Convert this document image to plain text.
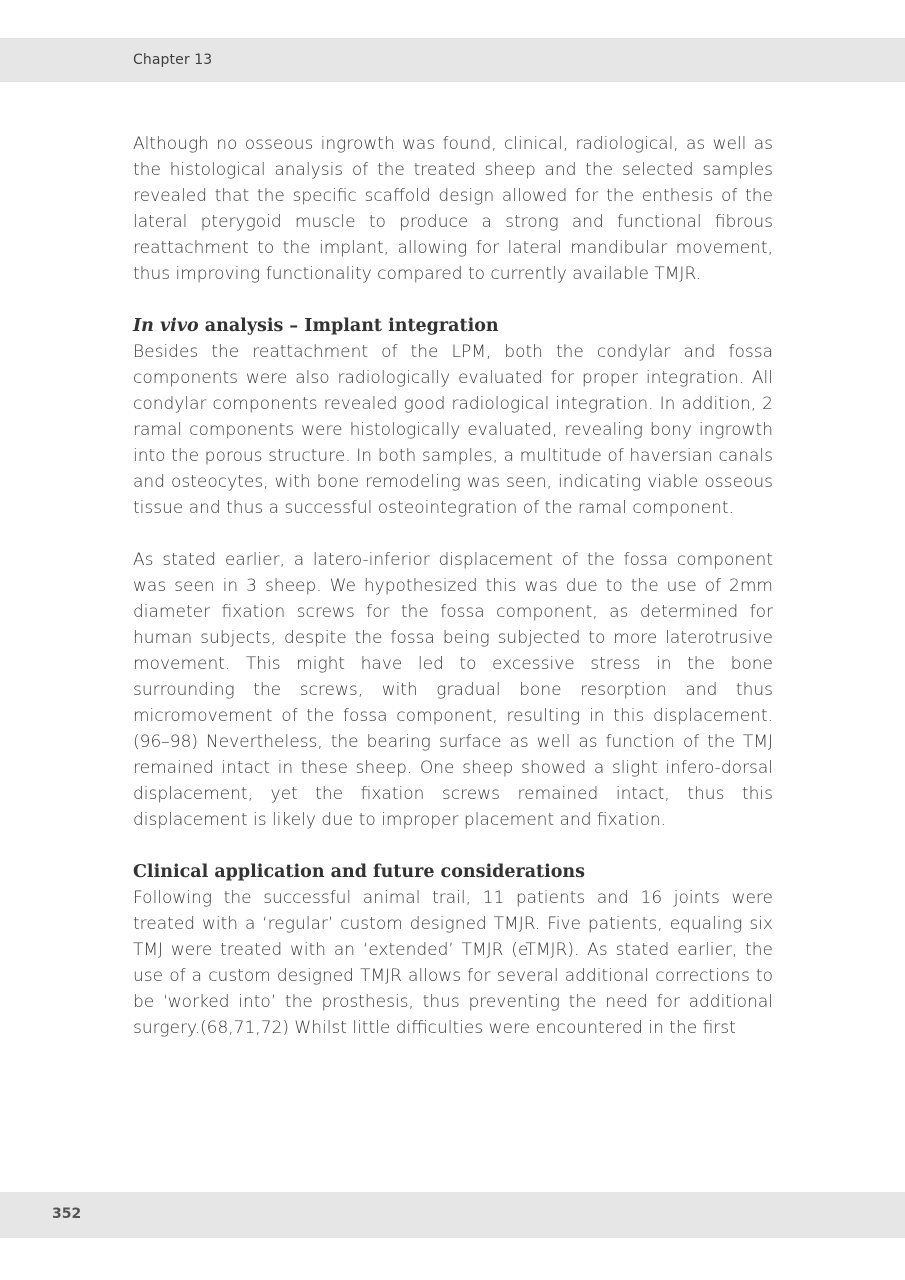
Chapter 13

Although no osseous ingrowth was found, clinical, radiological, as well as the histological analysis of the treated sheep and the selected samples revealed that the specific scaffold design allowed for the enthesis of the lateral pterygoid muscle to produce a strong and functional fibrous reattachment to the implant, allowing for lateral mandibular movement, thus improving functionality compared to currently available TMJR.

In vivo analysis – Implant integration

Besides the reattachment of the LPM, both the condylar and fossa components were also radiologically evaluated for proper integration. All condylar components revealed good radiological integration. In addition, 2 ramal components were histologically evaluated, revealing bony ingrowth into the porous structure. In both samples, a multitude of haversian canals and osteocytes, with bone remodeling was seen, indicating viable osseous tissue and thus a successful osteointegration of the ramal component.

As stated earlier, a latero-inferior displacement of the fossa component was seen in 3 sheep. We hypothesized this was due to the use of 2mm diameter fixation screws for the fossa component, as determined for human subjects, despite the fossa being subjected to more laterotrusive movement. This might have led to excessive stress in the bone surrounding the screws, with gradual bone resorption and thus micromovement of the fossa component, resulting in this displacement.(96–98) Nevertheless, the bearing surface as well as function of the TMJ remained intact in these sheep. One sheep showed a slight infero-dorsal displacement, yet the fixation screws remained intact, thus this displacement is likely due to improper placement and fixation.

Clinical application and future considerations

Following the successful animal trail, 11 patients and 16 joints were treated with a ‘regular’ custom designed TMJR. Five patients, equaling six TMJ were treated with an ‘extended’ TMJR (eTMJR). As stated earlier, the use of a custom designed TMJR allows for several additional corrections to be ‘worked into’ the prosthesis, thus preventing the need for additional surgery.(68,71,72) Whilst little difficulties were encountered in the first

352
